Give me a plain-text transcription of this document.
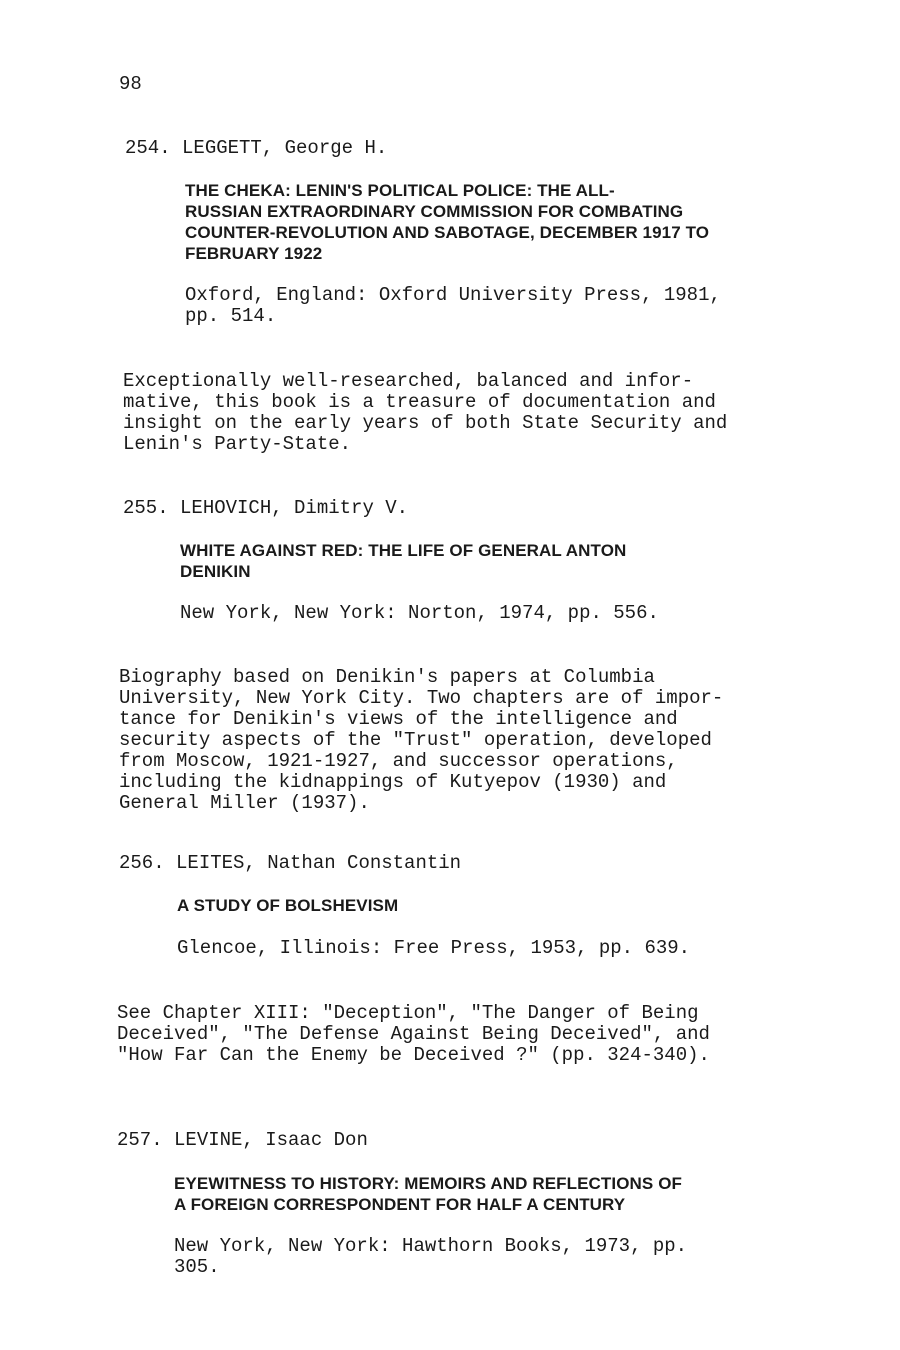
98
254. LEGGETT, George H.
THE CHEKA: LENIN'S POLITICAL POLICE: THE ALL-
RUSSIAN EXTRAORDINARY COMMISSION FOR COMBATING
COUNTER-REVOLUTION AND SABOTAGE, DECEMBER 1917 TO
FEBRUARY 1922
Oxford, England: Oxford University Press, 1981,
pp. 514.
Exceptionally well-researched, balanced and infor-
mative, this book is a treasure of documentation and
insight on the early years of both State Security and
Lenin's Party-State.
255. LEHOVICH, Dimitry V.
WHITE AGAINST RED: THE LIFE OF GENERAL ANTON
DENIKIN
New York, New York: Norton, 1974, pp. 556.
Biography based on Denikin's papers at Columbia
University, New York City. Two chapters are of impor-
tance for Denikin's views of the intelligence and
security aspects of the "Trust" operation, developed
from Moscow, 1921-1927, and successor operations,
including the kidnappings of Kutyepov (1930) and
General Miller (1937).
256. LEITES, Nathan Constantin
A STUDY OF BOLSHEVISM
Glencoe, Illinois: Free Press, 1953, pp. 639.
See Chapter XIII: "Deception", "The Danger of Being
Deceived", "The Defense Against Being Deceived", and
"How Far Can the Enemy be Deceived ?" (pp. 324-340).
257. LEVINE, Isaac Don
EYEWITNESS TO HISTORY: MEMOIRS AND REFLECTIONS OF
A FOREIGN CORRESPONDENT FOR HALF A CENTURY
New York, New York: Hawthorn Books, 1973, pp.
305.
